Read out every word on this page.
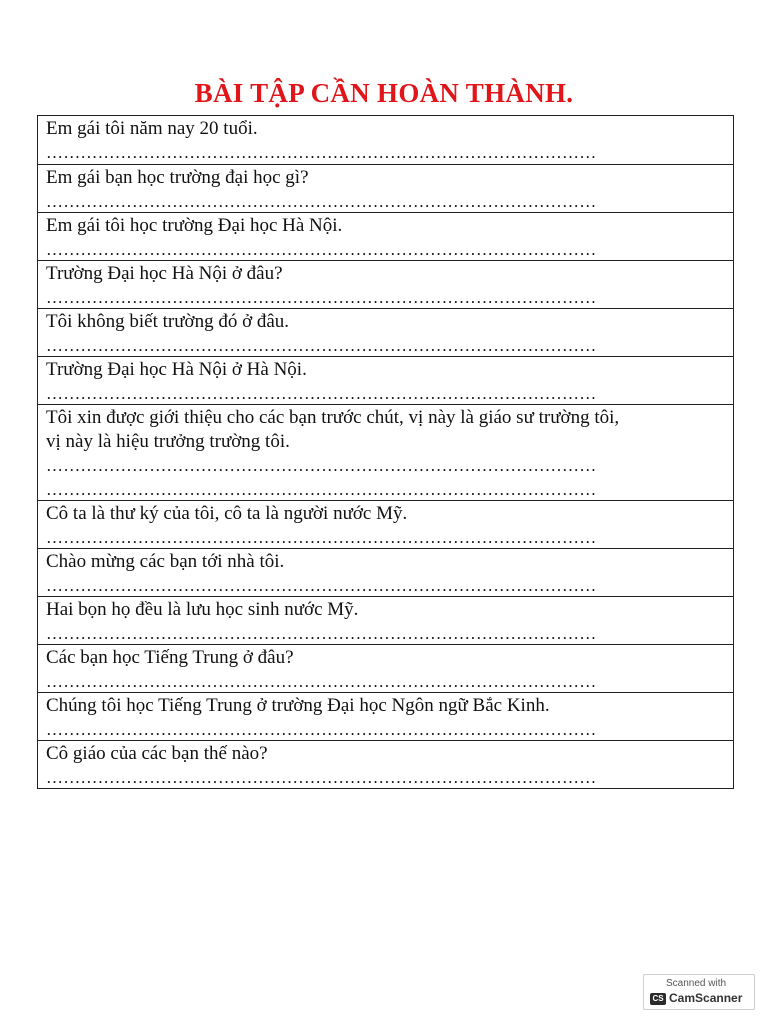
BÀI TẬP CẦN HOÀN THÀNH.
Em gái tôi năm nay 20 tuổi.
……………………………………………………………………………………
Em gái bạn học trường đại học gì?
……………………………………………………………………………………
Em gái tôi học trường Đại học Hà Nội.
……………………………………………………………………………………
Trường Đại học Hà Nội ở đâu?
……………………………………………………………………………………
Tôi không biết trường đó ở đâu.
……………………………………………………………………………………
Trường Đại học Hà Nội ở Hà Nội.
……………………………………………………………………………………
Tôi xin được giới thiệu cho các bạn trước chút, vị này là giáo sư trường tôi,
vị này là hiệu trưởng trường tôi.
……………………………………………………………………………………
……………………………………………………………………………………
Cô ta là thư ký của tôi, cô ta là người nước Mỹ.
……………………………………………………………………………………
Chào mừng các bạn tới nhà tôi.
……………………………………………………………………………………
Hai bọn họ đều là lưu học sinh nước Mỹ.
……………………………………………………………………………………
Các bạn học Tiếng Trung ở đâu?
……………………………………………………………………………………
Chúng tôi học Tiếng Trung ở trường Đại học Ngôn ngữ Bắc Kinh.
……………………………………………………………………………………
Cô giáo của các bạn thế nào?
……………………………………………………………………………………
Scanned with
CS CamScanner
